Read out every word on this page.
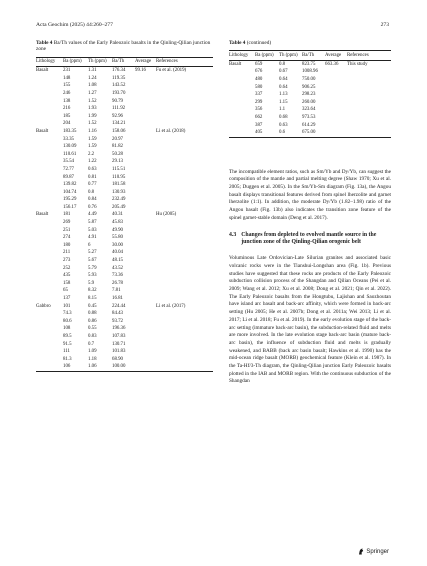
Acta Geochim (2025) 44:260–277	273
Table 4 Ba/Th values of the Early Paleozoic basalts in the Qinling-Qilian junction zone
Lithology	Ba (ppm)	Th (ppm)	Ba/Th	Average	References
Basalt	231	1.31	176.34	99.16	Fu et al. (2019)
	148	1.24	119.35		
	155	1.08	143.52		
	246	1.27	193.70		
	138	1.52	90.79		
	216	1.93	111.92		
	185	1.99	92.96		
	204	1.52	134.21		
Basalt	183.35	1.16	158.06		Li et al. (2018)
	33.35	1.59	20.97		
	130.09	1.59	81.82		
	110.61	2.2	50.28		
	35.54	1.22	29.13		
	72.77	0.63	115.51		
	89.87	0.81	110.95		
	139.82	0.77	181.58		
	104.74	0.8	130.93		
	195.29	0.84	232.49		
	156.17	0.76	205.49		
Basalt	181	4.49	40.31		Hu (2005)
	269	5.87	45.83		
	251	5.03	49.90		
	274	4.91	55.80		
	180	6	30.00		
	211	5.27	40.04		
	273	5.67	48.15		
	252	5.79	43.52		
	435	5.93	73.36		
	158	5.9	26.78		
	65	8.32	7.81		
	137	8.15	16.81		
Gabbro	101	0.45	224.44		Li et al. (2017)
	74.3	0.88	84.43		
	80.6	0.86	93.72		
	108	0.55	196.36		
	89.5	0.83	107.83		
	91.5	0.7	130.71		
	111	1.09	101.83		
	81.3	1.18	68.90		
	106	1.06	100.00		
Table 4 (continued)
Lithology	Ba (ppm)	Th (ppm)	Ba/Th	Average	References
Basalt	659	0.8	823.75	663.36	This study
	676	0.67	1008.96		
	480	0.64	750.00		
	580	0.64	906.25		
	337	1.13	298.23		
	299	1.15	260.00		
	356	1.1	323.64		
	662	0.68	973.53		
	387	0.63	614.29		
	405	0.6	675.00		

The incompatible element ratios, such as Sm/Yb and Dy/Yb, can suggest the composition of the mantle and partial melting degree (Shaw 1970; Xu et al. 2005; Duggen et al. 2005). In the Sm/Yb-Sm diagram (Fig. 13a), the Angou basalt displays transitional features derived from spinel lherzolite and garnet lherzolite (1:1). In addition, the moderate Dy/Yb (1.82–1.98) ratio of the Angou basalt (Fig. 13b) also indicates the transition zone feature of the spinel garnet-stable domain (Deng et al. 2017).

4.3 Changes from depleted to evolved mantle source in the junction zone of the Qinling-Qilian orogenic belt

Voluminous Late Ordovician-Late Silurian granites and associated basic volcanic rocks were in the Tianshui-Longshan area (Fig. 1b). Previous studies have suggested that these rocks are products of the Early Paleozoic subduction collision process of the Shangdan and Qilian Oceans (Pei et al. 2009; Wang et al. 2012; Xu et al. 2008; Dong et al. 2021; Qin et al. 2022). The Early Paleozoic basalts from the Hongtubu, Lajishan and Saozhoutan have island arc basalt and back-arc affinity, which were formed in back-arc setting (Hu 2005; He et al. 2007b; Dong et al. 2011a; Wei 2013; Li et al. 2017; Li et al. 2018; Fu et al. 2019). In the early evolution stage of the back-arc setting (immature back-arc basin), the subduction-related fluid and melts are more involved. In the late evolution stage back-arc basin (mature back-arc basin), the influence of subduction fluid and melts is gradually weakened, and BABB (back arc basin basalt; Hawkins et al. 1990) has the mid-ocean ridge basalt (MORB) geochemical feature (Klein et al. 1987). In the Ta-Hf/3-Th diagram, the Qinling-Qilian junction Early Paleozoic basalts plotted in the IAB and MORB region. With the continuous subduction of the Shangdan

Springer
